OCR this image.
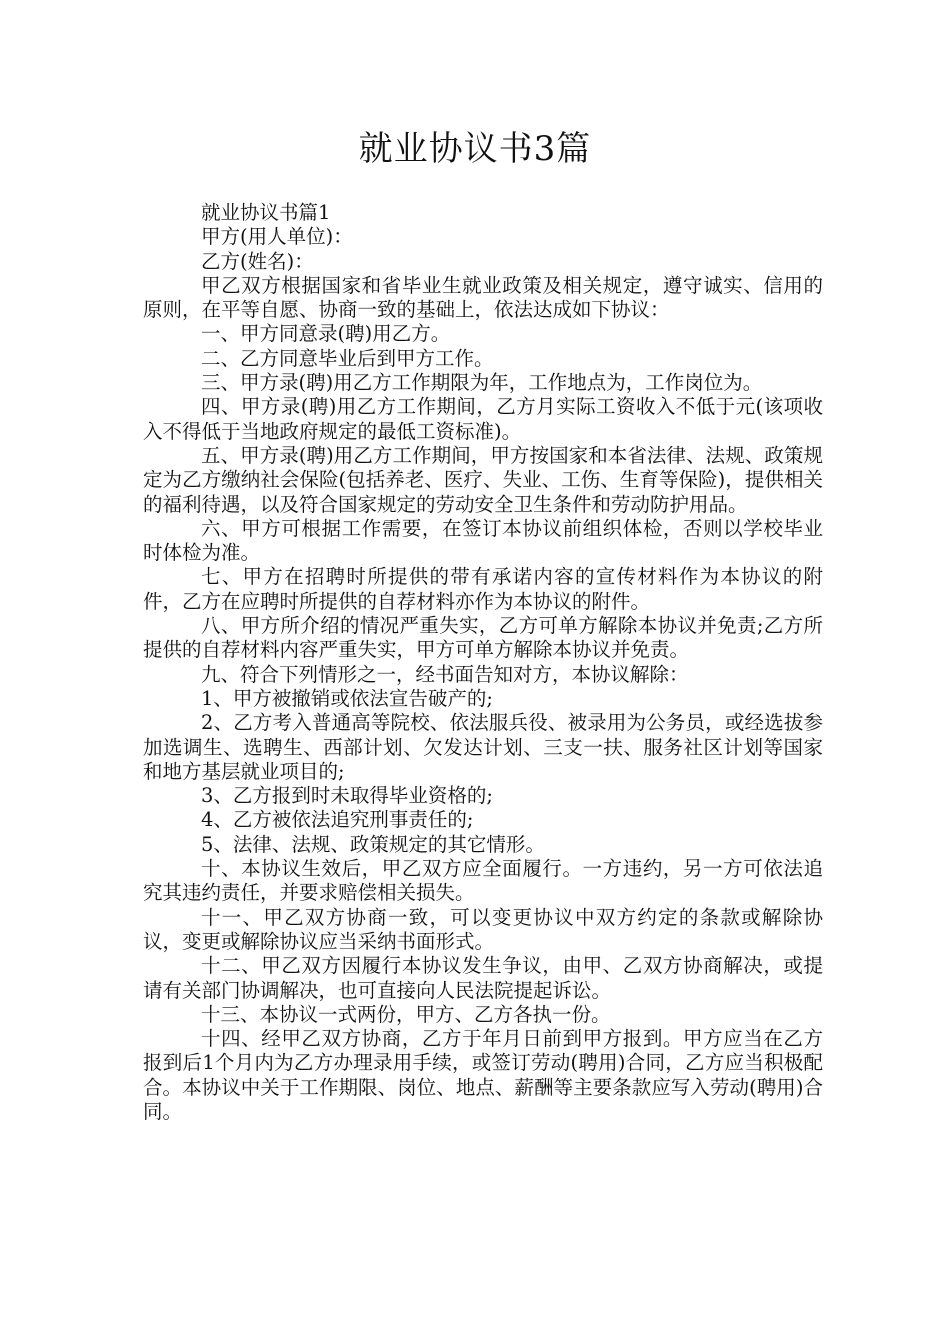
就业协议书3篇

就业协议书篇1

甲方(用人单位)：

乙方(姓名)：

甲乙双方根据国家和省毕业生就业政策及相关规定，遵守诚实、信用的原则，在平等自愿、协商一致的基础上，依法达成如下协议：

一、甲方同意录(聘)用乙方。

二、乙方同意毕业后到甲方工作。

三、甲方录(聘)用乙方工作期限为年，工作地点为，工作岗位为。

四、甲方录(聘)用乙方工作期间，乙方月实际工资收入不低于元(该项收入不得低于当地政府规定的最低工资标准)。

五、甲方录(聘)用乙方工作期间，甲方按国家和本省法律、法规、政策规定为乙方缴纳社会保险(包括养老、医疗、失业、工伤、生育等保险)，提供相关的福利待遇，以及符合国家规定的劳动安全卫生条件和劳动防护用品。

六、甲方可根据工作需要，在签订本协议前组织体检，否则以学校毕业时体检为准。

七、甲方在招聘时所提供的带有承诺内容的宣传材料作为本协议的附件，乙方在应聘时所提供的自荐材料亦作为本协议的附件。

八、甲方所介绍的情况严重失实，乙方可单方解除本协议并免责;乙方所提供的自荐材料内容严重失实，甲方可单方解除本协议并免责。

九、符合下列情形之一，经书面告知对方，本协议解除：

1、甲方被撤销或依法宣告破产的;

2、乙方考入普通高等院校、依法服兵役、被录用为公务员，或经选拔参加选调生、选聘生、西部计划、欠发达计划、三支一扶、服务社区计划等国家和地方基层就业项目的;

3、乙方报到时未取得毕业资格的;

4、乙方被依法追究刑事责任的;

5、法律、法规、政策规定的其它情形。

十、本协议生效后，甲乙双方应全面履行。一方违约，另一方可依法追究其违约责任，并要求赔偿相关损失。

十一、甲乙双方协商一致，可以变更协议中双方约定的条款或解除协议，变更或解除协议应当采纳书面形式。

十二、甲乙双方因履行本协议发生争议，由甲、乙双方协商解决，或提请有关部门协调解决，也可直接向人民法院提起诉讼。

十三、本协议一式两份，甲方、乙方各执一份。

十四、经甲乙双方协商，乙方于年月日前到甲方报到。甲方应当在乙方报到后1个月内为乙方办理录用手续，或签订劳动(聘用)合同，乙方应当积极配合。本协议中关于工作期限、岗位、地点、薪酬等主要条款应写入劳动(聘用)合同。
